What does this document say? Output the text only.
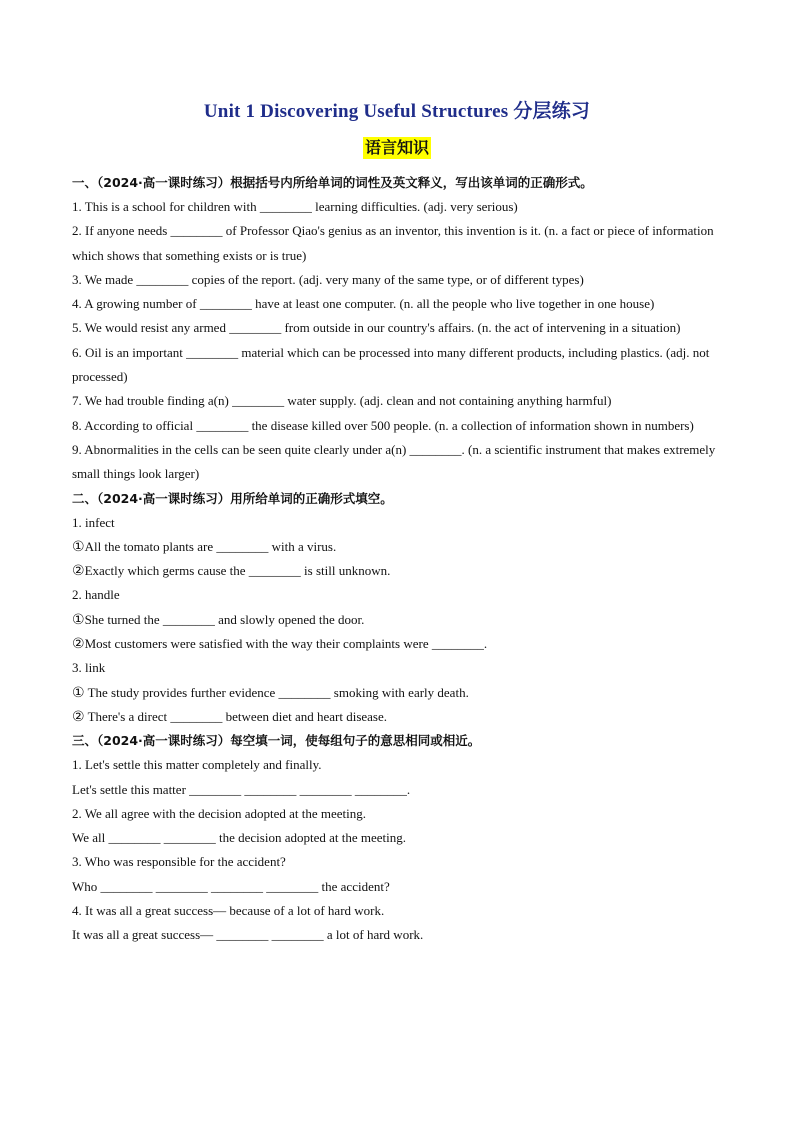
Unit 1 Discovering Useful Structures 分层练习
语言知识
一、（2024·高一课时练习）根据括号内所给单词的词性及英文释义，写出该单词的正确形式。
1. This is a school for children with ________ learning difficulties. (adj. very serious)
2. If anyone needs ________ of Professor Qiao's genius as an inventor, this invention is it. (n. a fact or piece of information which shows that something exists or is true)
3. We made ________ copies of the report. (adj. very many of the same type, or of different types)
4. A growing number of ________ have at least one computer. (n. all the people who live together in one house)
5. We would resist any armed ________ from outside in our country's affairs. (n. the act of intervening in a situation)
6. Oil is an important ________ material which can be processed into many different products, including plastics. (adj. not processed)
7. We had trouble finding a(n) ________ water supply. (adj. clean and not containing anything harmful)
8. According to official ________ the disease killed over 500 people. (n. a collection of information shown in numbers)
9. Abnormalities in the cells can be seen quite clearly under a(n) ________. (n. a scientific instrument that makes extremely small things look larger)
二、（2024·高一课时练习）用所给单词的正确形式填空。
1. infect
①All the tomato plants are ________ with a virus.
②Exactly which germs cause the ________ is still unknown.
2. handle
①She turned the ________ and slowly opened the door.
②Most customers were satisfied with the way their complaints were ________.
3. link
① The study provides further evidence ________ smoking with early death.
② There's a direct ________ between diet and heart disease.
三、（2024·高一课时练习）每空填一词，使每组句子的意思相同或相近。
1. Let's settle this matter completely and finally.
Let's settle this matter ________ ________ ________ ________.
2. We all agree with the decision adopted at the meeting.
We all ________ ________ the decision adopted at the meeting.
3. Who was responsible for the accident?
Who ________ ________ ________ ________ the accident?
4. It was all a great success— because of a lot of hard work.
It was all a great success— ________ ________ a lot of hard work.
